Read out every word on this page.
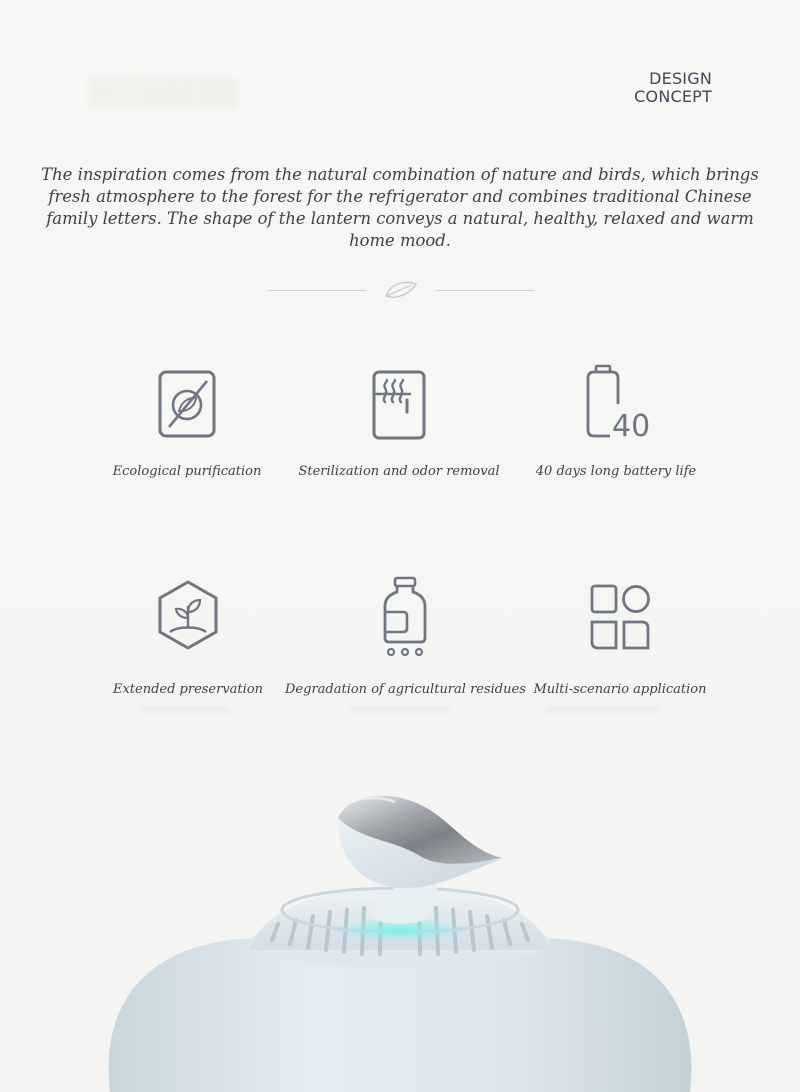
DESIGN
CONCEPT

The inspiration comes from the natural combination of nature and birds, which brings fresh atmosphere to the forest for the refrigerator and combines traditional Chinese family letters. The shape of the lantern conveys a natural, healthy, relaxed and warm home mood.

Ecological purification	Sterilization and odor removal
40
40 days long battery life
Extended preservation	Degradation of agricultural residues Multi-scenario application
